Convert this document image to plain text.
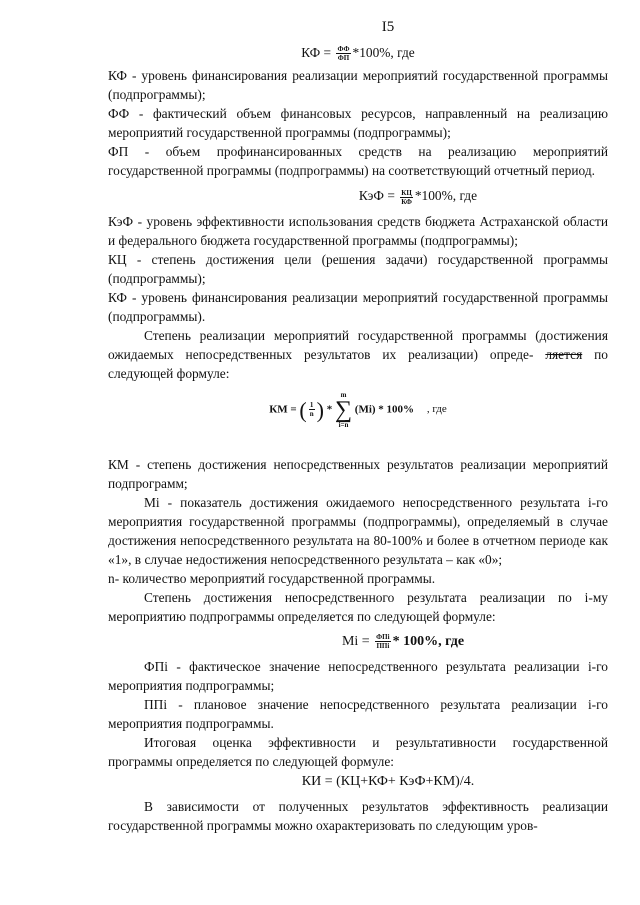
I5
КФ = $\frac{ФФ}{ФП} *100\%$, где

КФ - уровень финансирования реализации мероприятий государственной программы (подпрограммы);

ФФ - фактический объем финансовых ресурсов, направленный на реализацию мероприятий государственной программы (подпрограммы);

ФП - объем профинансированных средств на реализацию мероприятий государственной программы (подпрограммы) на соответствующий отчетный период.

КэФ = $\frac{КЦ}{КФ} *100\%$, где

КэФ - уровень эффективности использования средств бюджета Астраханской области и федерального бюджета государственной программы (подпрограммы);

КЦ - степень достижения цели (решения задачи) государственной программы (подпрограммы);

КФ - уровень финансирования реализации мероприятий государственной программы (подпрограммы).

Степень реализации мероприятий государственной программы (достижения ожидаемых непосредственных результатов их реализации) опреде- ляется по следующей формуле:

КМ = ( $\frac{1}{n}$ ) *
m
∑
i=n
(Mi) * 100% , где

КМ - степень достижения непосредственных результатов реализации мероприятий подпрограмм;

Mi - показатель достижения ожидаемого непосредственного результата i-го мероприятия государственной программы (подпрограммы), определяемый в случае достижения непосредственного результата на 80-100% и более в отчетном периоде как «1», в случае недостижения непосредственного результата – как «0»;

n- количество мероприятий государственной программы.

Степень достижения непосредственного результата реализации по i-му мероприятию подпрограммы определяется по следующей формуле:

$Mi = \frac{\text{ФПi}}{\text{ППi}} * 100\%$, где

ФПi - фактическое значение непосредственного результата реализации i-го мероприятия подпрограммы;

ППi - плановое значение непосредственного результата реализации i-го мероприятия подпрограммы.

Итоговая оценка эффективности и результативности государственной программы определяется по следующей формуле:

КИ = (КЦ+КФ+ КэФ+КМ)/4.

В зависимости от полученных результатов эффективность реализации государственной программы можно охарактеризовать по следующим уров-
